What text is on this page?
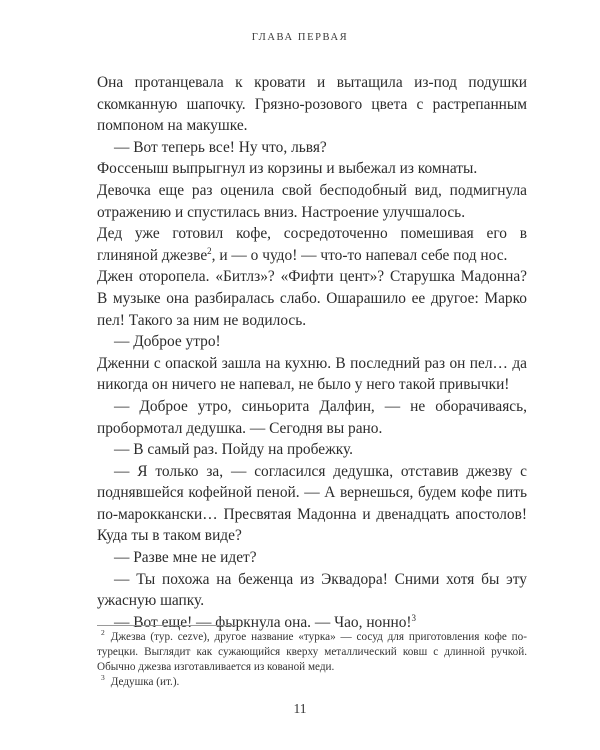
ГЛАВА ПЕРВАЯ

Она протанцевала к кровати и вытащила из-под подушки скомканную шапочку. Грязно-розового цвета с растрепанным помпоном на макушке.

— Вот теперь все! Ну что, львя?

Фоссеныш выпрыгнул из корзины и выбежал из комнаты.

Девочка еще раз оценила свой бесподобный вид, подмигнула отражению и спустилась вниз. Настроение улучшалось.

Дед уже готовил кофе, сосредоточенно помешивая его в глиняной джезве$^2$, и — о чудо! — что-то напевал себе под нос.

Джен оторопела. «Битлз»? «Фифти цент»? Старушка Мадонна? В музыке она разбиралась слабо. Ошарашило ее другое: Марко пел! Такого за ним не водилось.

— Доброе утро!

Дженни с опаской зашла на кухню. В последний раз он пел… да никогда он ничего не напевал, не было у него такой привычки!

— Доброе утро, синьорита Далфин, — не оборачиваясь, пробормотал дедушка. — Сегодня вы рано.

— В самый раз. Пойду на пробежку.

— Я только за, — согласился дедушка, отставив джезву с поднявшейся кофейной пеной. — А вернешься, будем кофе пить по-мароккански… Пресвятая Мадонна и двенадцать апостолов! Куда ты в таком виде?

— Разве мне не идет?

— Ты похожа на беженца из Эквадора! Сними хотя бы эту ужасную шапку.

— Вот еще! — фыркнула она. — Чао, нонно!$^3$

$^2$ Джезва (тур. cezve), другое название «турка» — сосуд для приготовления кофе по-турецки. Выглядит как сужающийся кверху металлический ковш с длинной ручкой. Обычно джезва изготавливается из кованой меди.

$^3$ Дедушка (ит.).

11
